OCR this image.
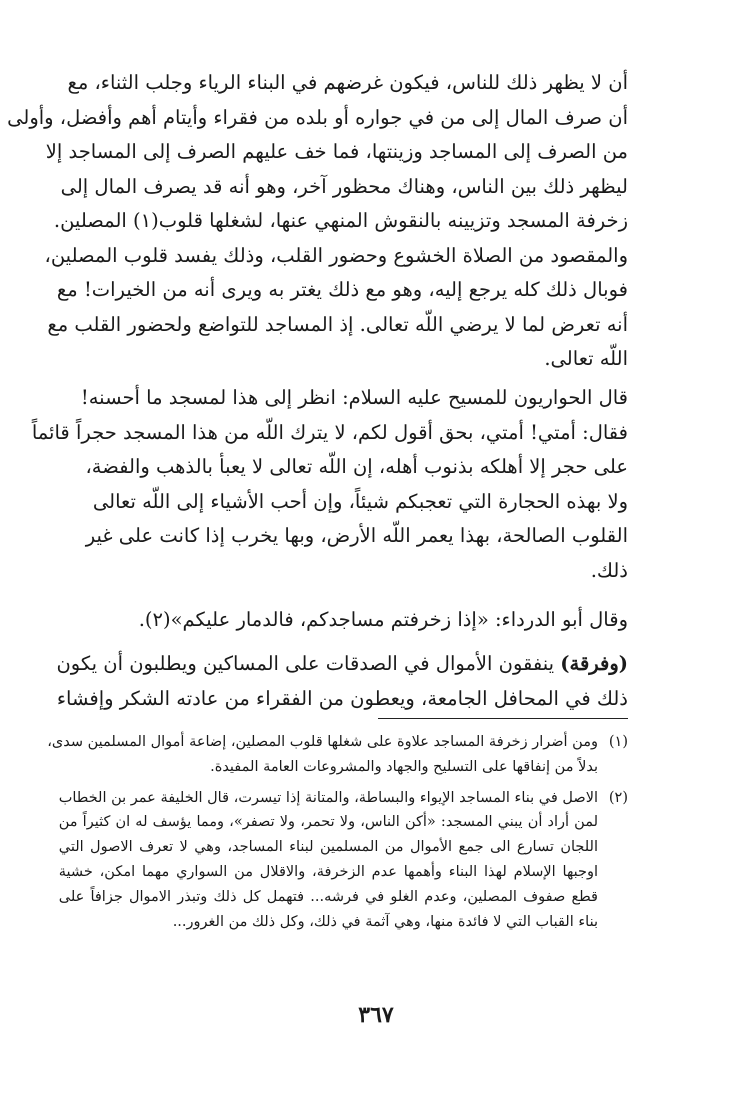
أن لا يظهر ذلك للناس، فيكون غرضهم في البناء الرياء وجلب الثناء، مع
أن صرف المال إلى من في جواره أو بلده من فقراء وأيتام أهم وأفضل، وأولى
من الصرف إلى المساجد وزينتها، فما خف عليهم الصرف إلى المساجد إلا
ليظهر ذلك بين الناس، وهناك محظور آخر، وهو أنه قد يصرف المال إلى
زخرفة المسجد وتزيينه بالنقوش المنهي عنها، لشغلها قلوب(١) المصلين.
والمقصود من الصلاة الخشوع وحضور القلب، وذلك يفسد قلوب المصلين،
فوبال ذلك كله يرجع إليه، وهو مع ذلك يغتر به ويرى أنه من الخيرات! مع
أنه تعرض لما لا يرضي اللّه تعالى. إذ المساجد للتواضع ولحضور القلب مع
اللّه تعالى.
قال الحواريون للمسيح عليه السلام: انظر إلى هذا لمسجد ما أحسنه!
فقال: أمتي! أمتي، بحق أقول لكم، لا يترك اللّه من هذا المسجد حجراً قائماً
على حجر إلا أهلكه بذنوب أهله، إن اللّه تعالى لا يعبأ بالذهب والفضة،
ولا بهذه الحجارة التي تعجبكم شيئاً، وإن أحب الأشياء إلى اللّه تعالى
القلوب الصالحة، بهذا يعمر اللّه الأرض، وبها يخرب إذا كانت على غير
ذلك.
وقال أبو الدرداء: «إذا زخرفتم مساجدكم، فالدمار عليكم»(٢).
(وفرقة) ينفقون الأموال في الصدقات على المساكين ويطلبون أن يكون
ذلك في المحافل الجامعة، ويعطون من الفقراء من عادته الشكر وإفشاء
(١)
ومن أضرار زخرفة المساجد علاوة على شغلها قلوب المصلين، إضاعة أموال المسلمين سدى،
بدلاً من إنفاقها على التسليح والجهاد والمشروعات العامة المفيدة.
(٢)
الاصل في بناء المساجد الإيواء والبساطة، والمتانة إذا تيسرت، قال الخليفة عمر بن الخطاب
لمن أراد أن يبني المسجد: «أكن الناس، ولا تحمر، ولا تصفر»، ومما يؤسف له ان كثيراً من
اللجان تسارع الى جمع الأموال من المسلمين لبناء المساجد، وهي لا تعرف الاصول التي
اوجبها الإسلام لهذا البناء وأهمها عدم الزخرفة، والاقلال من السواري مهما امكن، خشية
قطع صفوف المصلين، وعدم الغلو في فرشه... فتهمل كل ذلك وتبذر الاموال جزافاً على
بناء القباب التي لا فائدة منها، وهي آثمة في ذلك، وكل ذلك من الغرور...
٣٦٧
